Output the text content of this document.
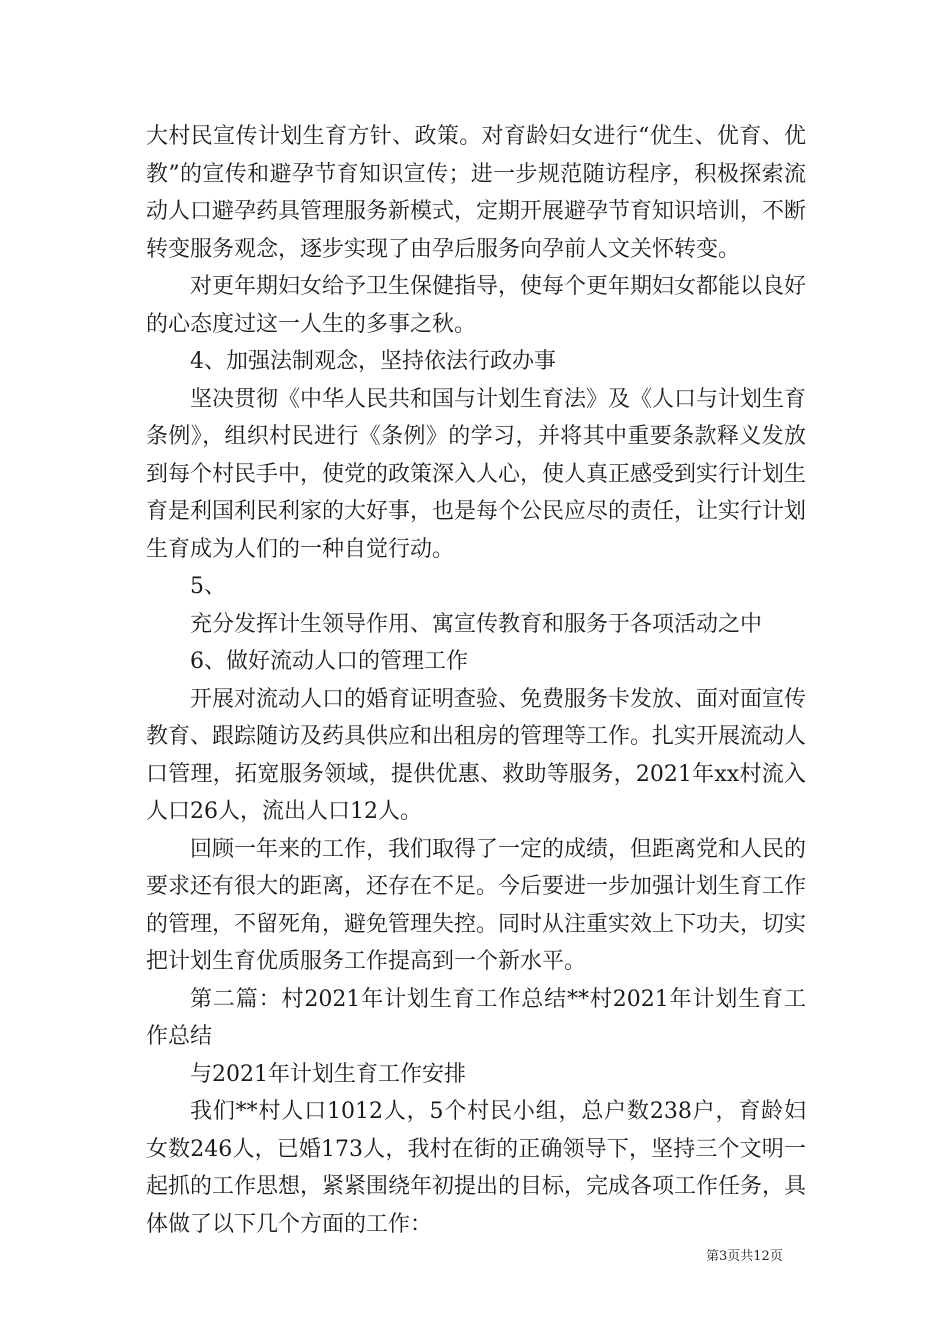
大村民宣传计划生育方针、政策。对育龄妇女进行“优生、优育、优教”的宣传和避孕节育知识宣传；进一步规范随访程序，积极探索流动人口避孕药具管理服务新模式，定期开展避孕节育知识培训，不断转变服务观念，逐步实现了由孕后服务向孕前人文关怀转变。

对更年期妇女给予卫生保健指导，使每个更年期妇女都能以良好的心态度过这一人生的多事之秋。

4、加强法制观念，坚持依法行政办事

坚决贯彻《中华人民共和国与计划生育法》及《人口与计划生育条例》，组织村民进行《条例》的学习，并将其中重要条款释义发放到每个村民手中，使党的政策深入人心，使人真正感受到实行计划生育是利国利民利家的大好事，也是每个公民应尽的责任，让实行计划生育成为人们的一种自觉行动。

5、

充分发挥计生领导作用、寓宣传教育和服务于各项活动之中

6、做好流动人口的管理工作

开展对流动人口的婚育证明查验、免费服务卡发放、面对面宣传教育、跟踪随访及药具供应和出租房的管理等工作。扎实开展流动人口管理，拓宽服务领域，提供优惠、救助等服务，2021年xx村流入人口26人，流出人口12人。

回顾一年来的工作，我们取得了一定的成绩，但距离党和人民的要求还有很大的距离，还存在不足。今后要进一步加强计划生育工作的管理，不留死角，避免管理失控。同时从注重实效上下功夫，切实把计划生育优质服务工作提高到一个新水平。

第二篇：村2021年计划生育工作总结**村2021年计划生育工作总结

与2021年计划生育工作安排

我们**村人口1012人，5个村民小组，总户数238户，育龄妇女数246人，已婚173人，我村在街的正确领导下，坚持三个文明一起抓的工作思想，紧紧围绕年初提出的目标，完成各项工作任务，具体做了以下几个方面的工作：

第3页共12页
